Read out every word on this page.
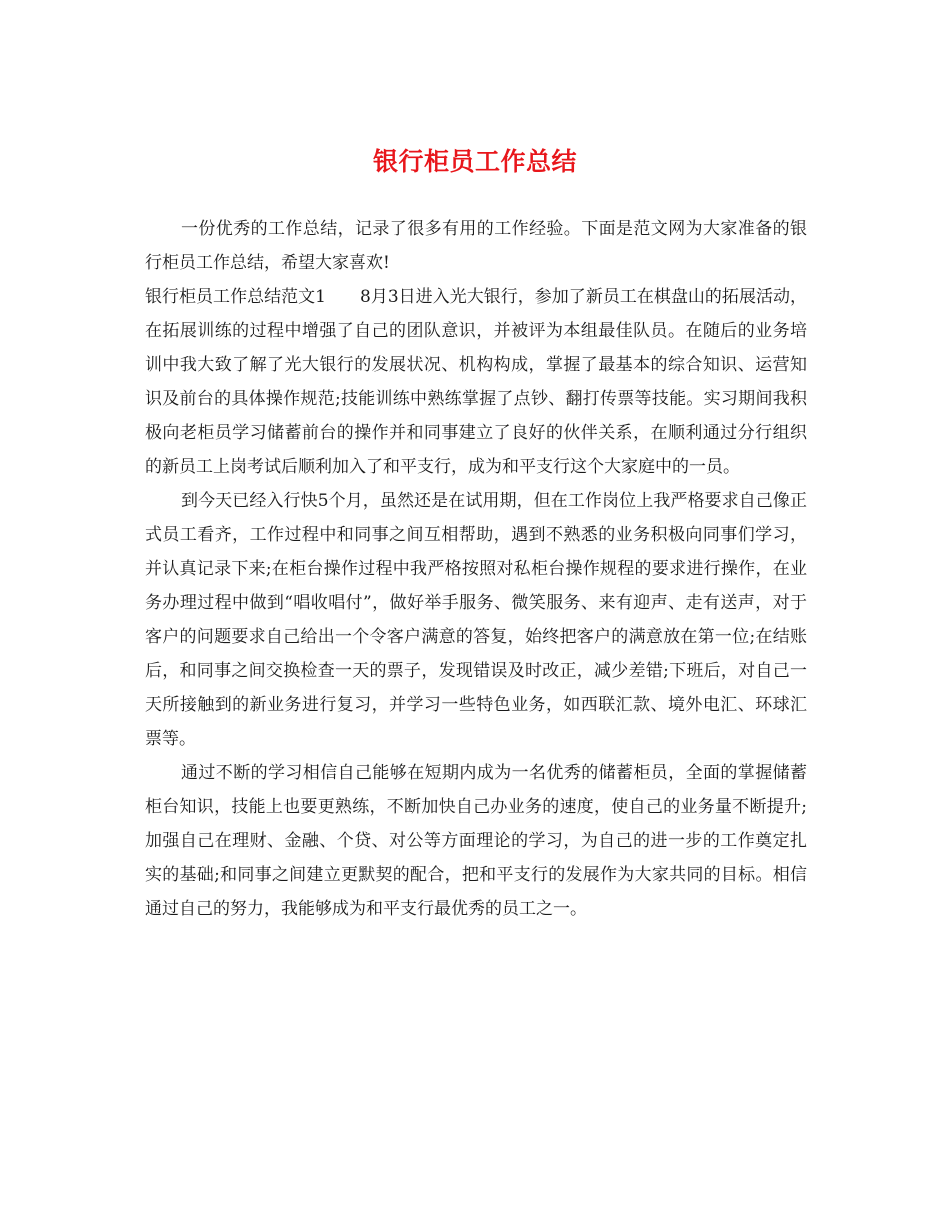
银行柜员工作总结

一份优秀的工作总结，记录了很多有用的工作经验。下面是范文网为大家准备的银行柜员工作总结，希望大家喜欢!

银行柜员工作总结范文1　　8月3日进入光大银行，参加了新员工在棋盘山的拓展活动，在拓展训练的过程中增强了自己的团队意识，并被评为本组最佳队员。在随后的业务培训中我大致了解了光大银行的发展状况、机构构成，掌握了最基本的综合知识、运营知识及前台的具体操作规范;技能训练中熟练掌握了点钞、翻打传票等技能。实习期间我积极向老柜员学习储蓄前台的操作并和同事建立了良好的伙伴关系，在顺利通过分行组织的新员工上岗考试后顺利加入了和平支行，成为和平支行这个大家庭中的一员。

到今天已经入行快5个月，虽然还是在试用期，但在工作岗位上我严格要求自己像正式员工看齐，工作过程中和同事之间互相帮助，遇到不熟悉的业务积极向同事们学习，并认真记录下来;在柜台操作过程中我严格按照对私柜台操作规程的要求进行操作，在业务办理过程中做到“唱收唱付”，做好举手服务、微笑服务、来有迎声、走有送声，对于客户的问题要求自己给出一个令客户满意的答复，始终把客户的满意放在第一位;在结账后，和同事之间交换检查一天的票子，发现错误及时改正，减少差错;下班后，对自己一天所接触到的新业务进行复习，并学习一些特色业务，如西联汇款、境外电汇、环球汇票等。

通过不断的学习相信自己能够在短期内成为一名优秀的储蓄柜员，全面的掌握储蓄柜台知识，技能上也要更熟练，不断加快自己办业务的速度，使自己的业务量不断提升;加强自己在理财、金融、个贷、对公等方面理论的学习，为自己的进一步的工作奠定扎实的基础;和同事之间建立更默契的配合，把和平支行的发展作为大家共同的目标。相信通过自己的努力，我能够成为和平支行最优秀的员工之一。
